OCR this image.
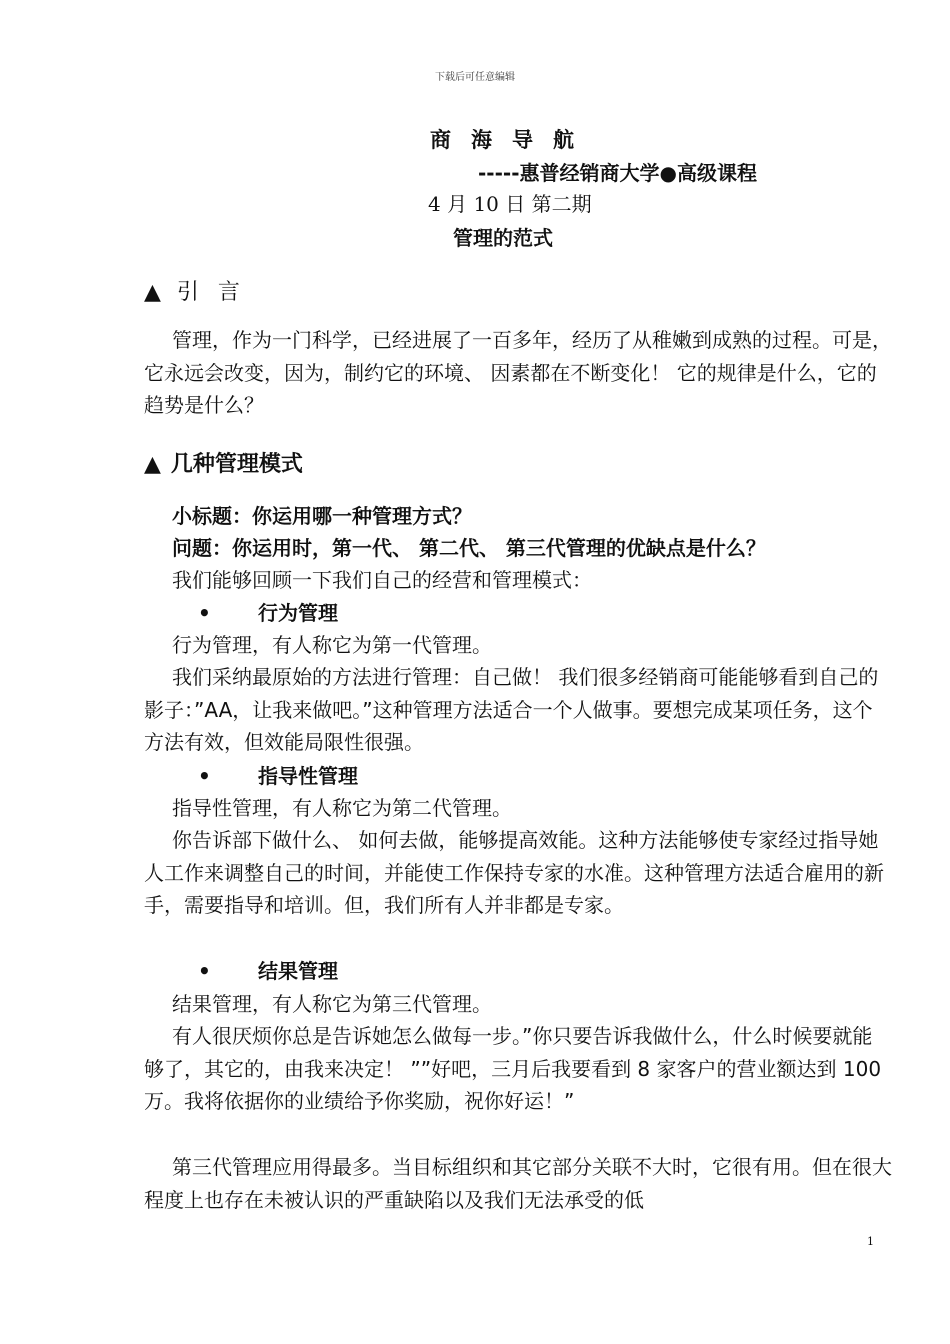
下载后可任意编辑
商海导航
-----惠普经销商大学●高级课程
4 月 10 日 第二期
管理的范式
▲ 引 言

管理，作为一门科学，已经进展了一百多年，经历了从稚嫩到成熟的过程。可是，它永远会改变，因为，制约它的环境、 因素都在不断变化！ 它的规律是什么，它的趋势是什么？

▲ 几种管理模式
小标题：你运用哪一种管理方式？
问题：你运用时，第一代、 第二代、 第三代管理的优缺点是什么？
我们能够回顾一下我们自己的经营和管理模式：
• 行为管理
行为管理，有人称它为第一代管理。

我们采纳最原始的方法进行管理：自己做！ 我们很多经销商可能能够看到自己的影子：”AA，让我来做吧。”这种管理方法适合一个人做事。要想完成某项任务，这个方法有效，但效能局限性很强。

• 指导性管理
指导性管理，有人称它为第二代管理。

你告诉部下做什么、 如何去做，能够提高效能。这种方法能够使专家经过指导她人工作来调整自己的时间，并能使工作保持专家的水准。这种管理方法适合雇用的新手，需要指导和培训。但，我们所有人并非都是专家。

• 结果管理
结果管理，有人称它为第三代管理。

有人很厌烦你总是告诉她怎么做每一步。”你只要告诉我做什么，什么时候要就能够了，其它的，由我来决定！ ””好吧，三月后我要看到 8 家客户的营业额达到 100 万。我将依据你的业绩给予你奖励，祝你好运！”

第三代管理应用得最多。当目标组织和其它部分关联不大时，它很有用。但在很大程度上也存在未被认识的严重缺陷以及我们无法承受的低

1
